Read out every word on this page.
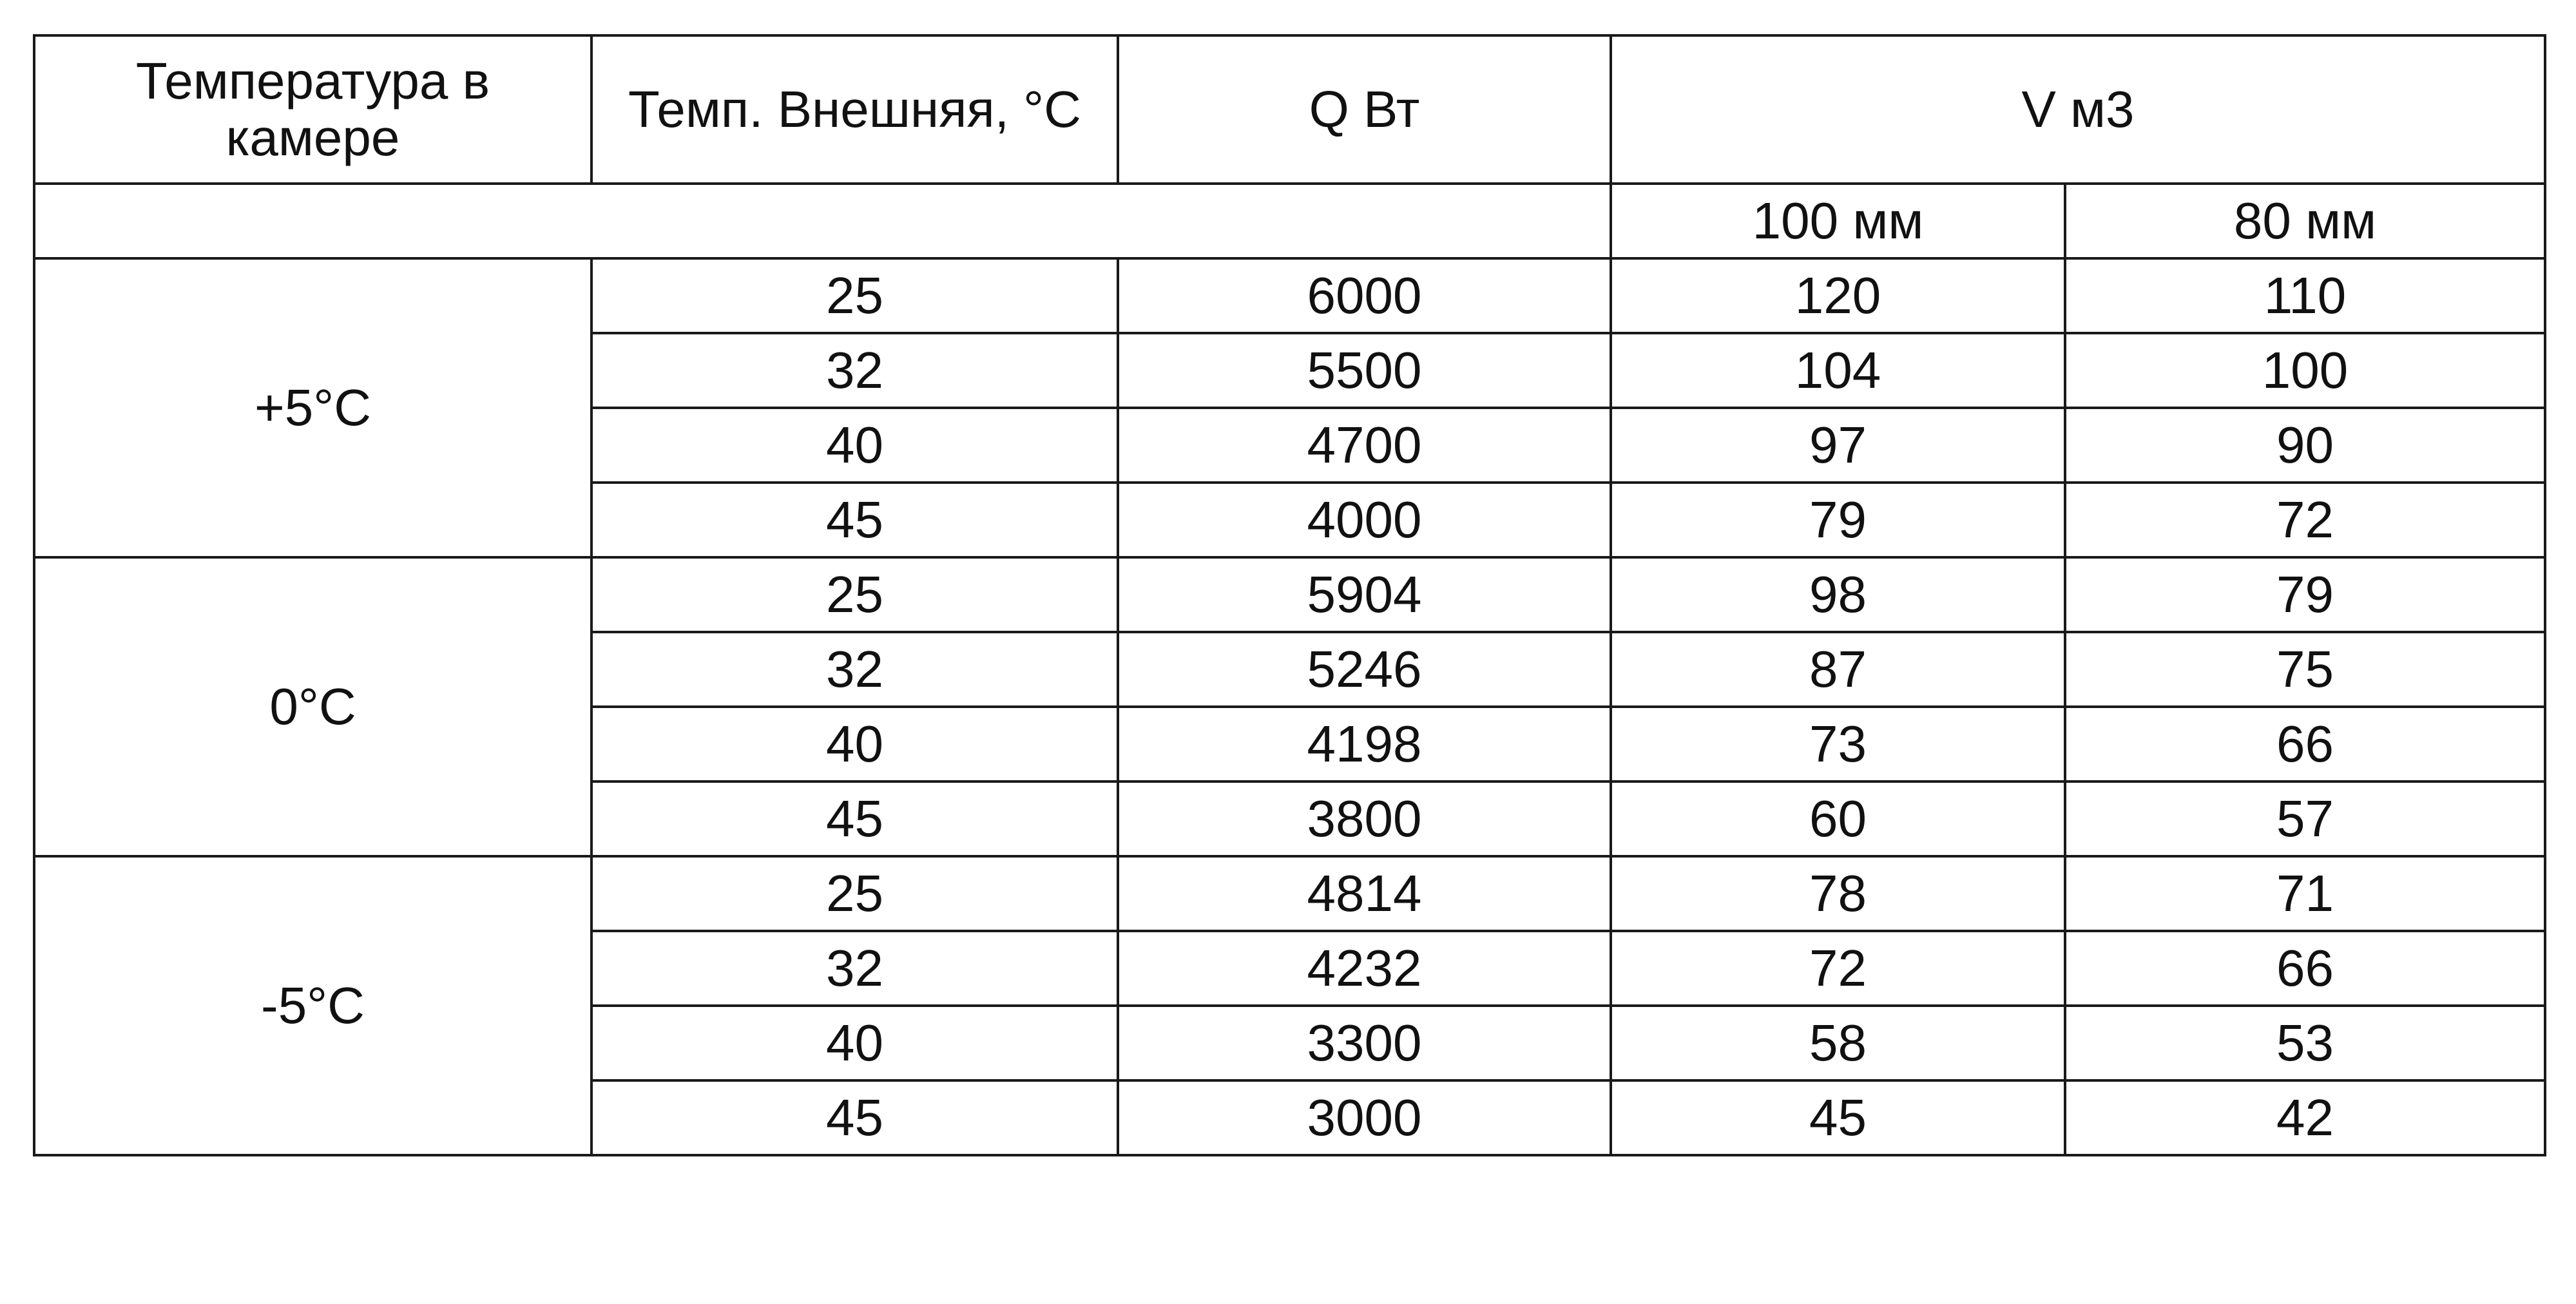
Температура в камере	Темп. Внешняя, °С	Q Вт	V м3	
			100 мм	80 мм
+5°С	25	6000	120	110
	32	5500	104	100
	40	4700	97	90
	45	4000	79	72
0°С	25	5904	98	79
	32	5246	87	75
	40	4198	73	66
	45	3800	60	57
-5°С	25	4814	78	71
	32	4232	72	66
	40	3300	58	53
	45	3000	45	42
